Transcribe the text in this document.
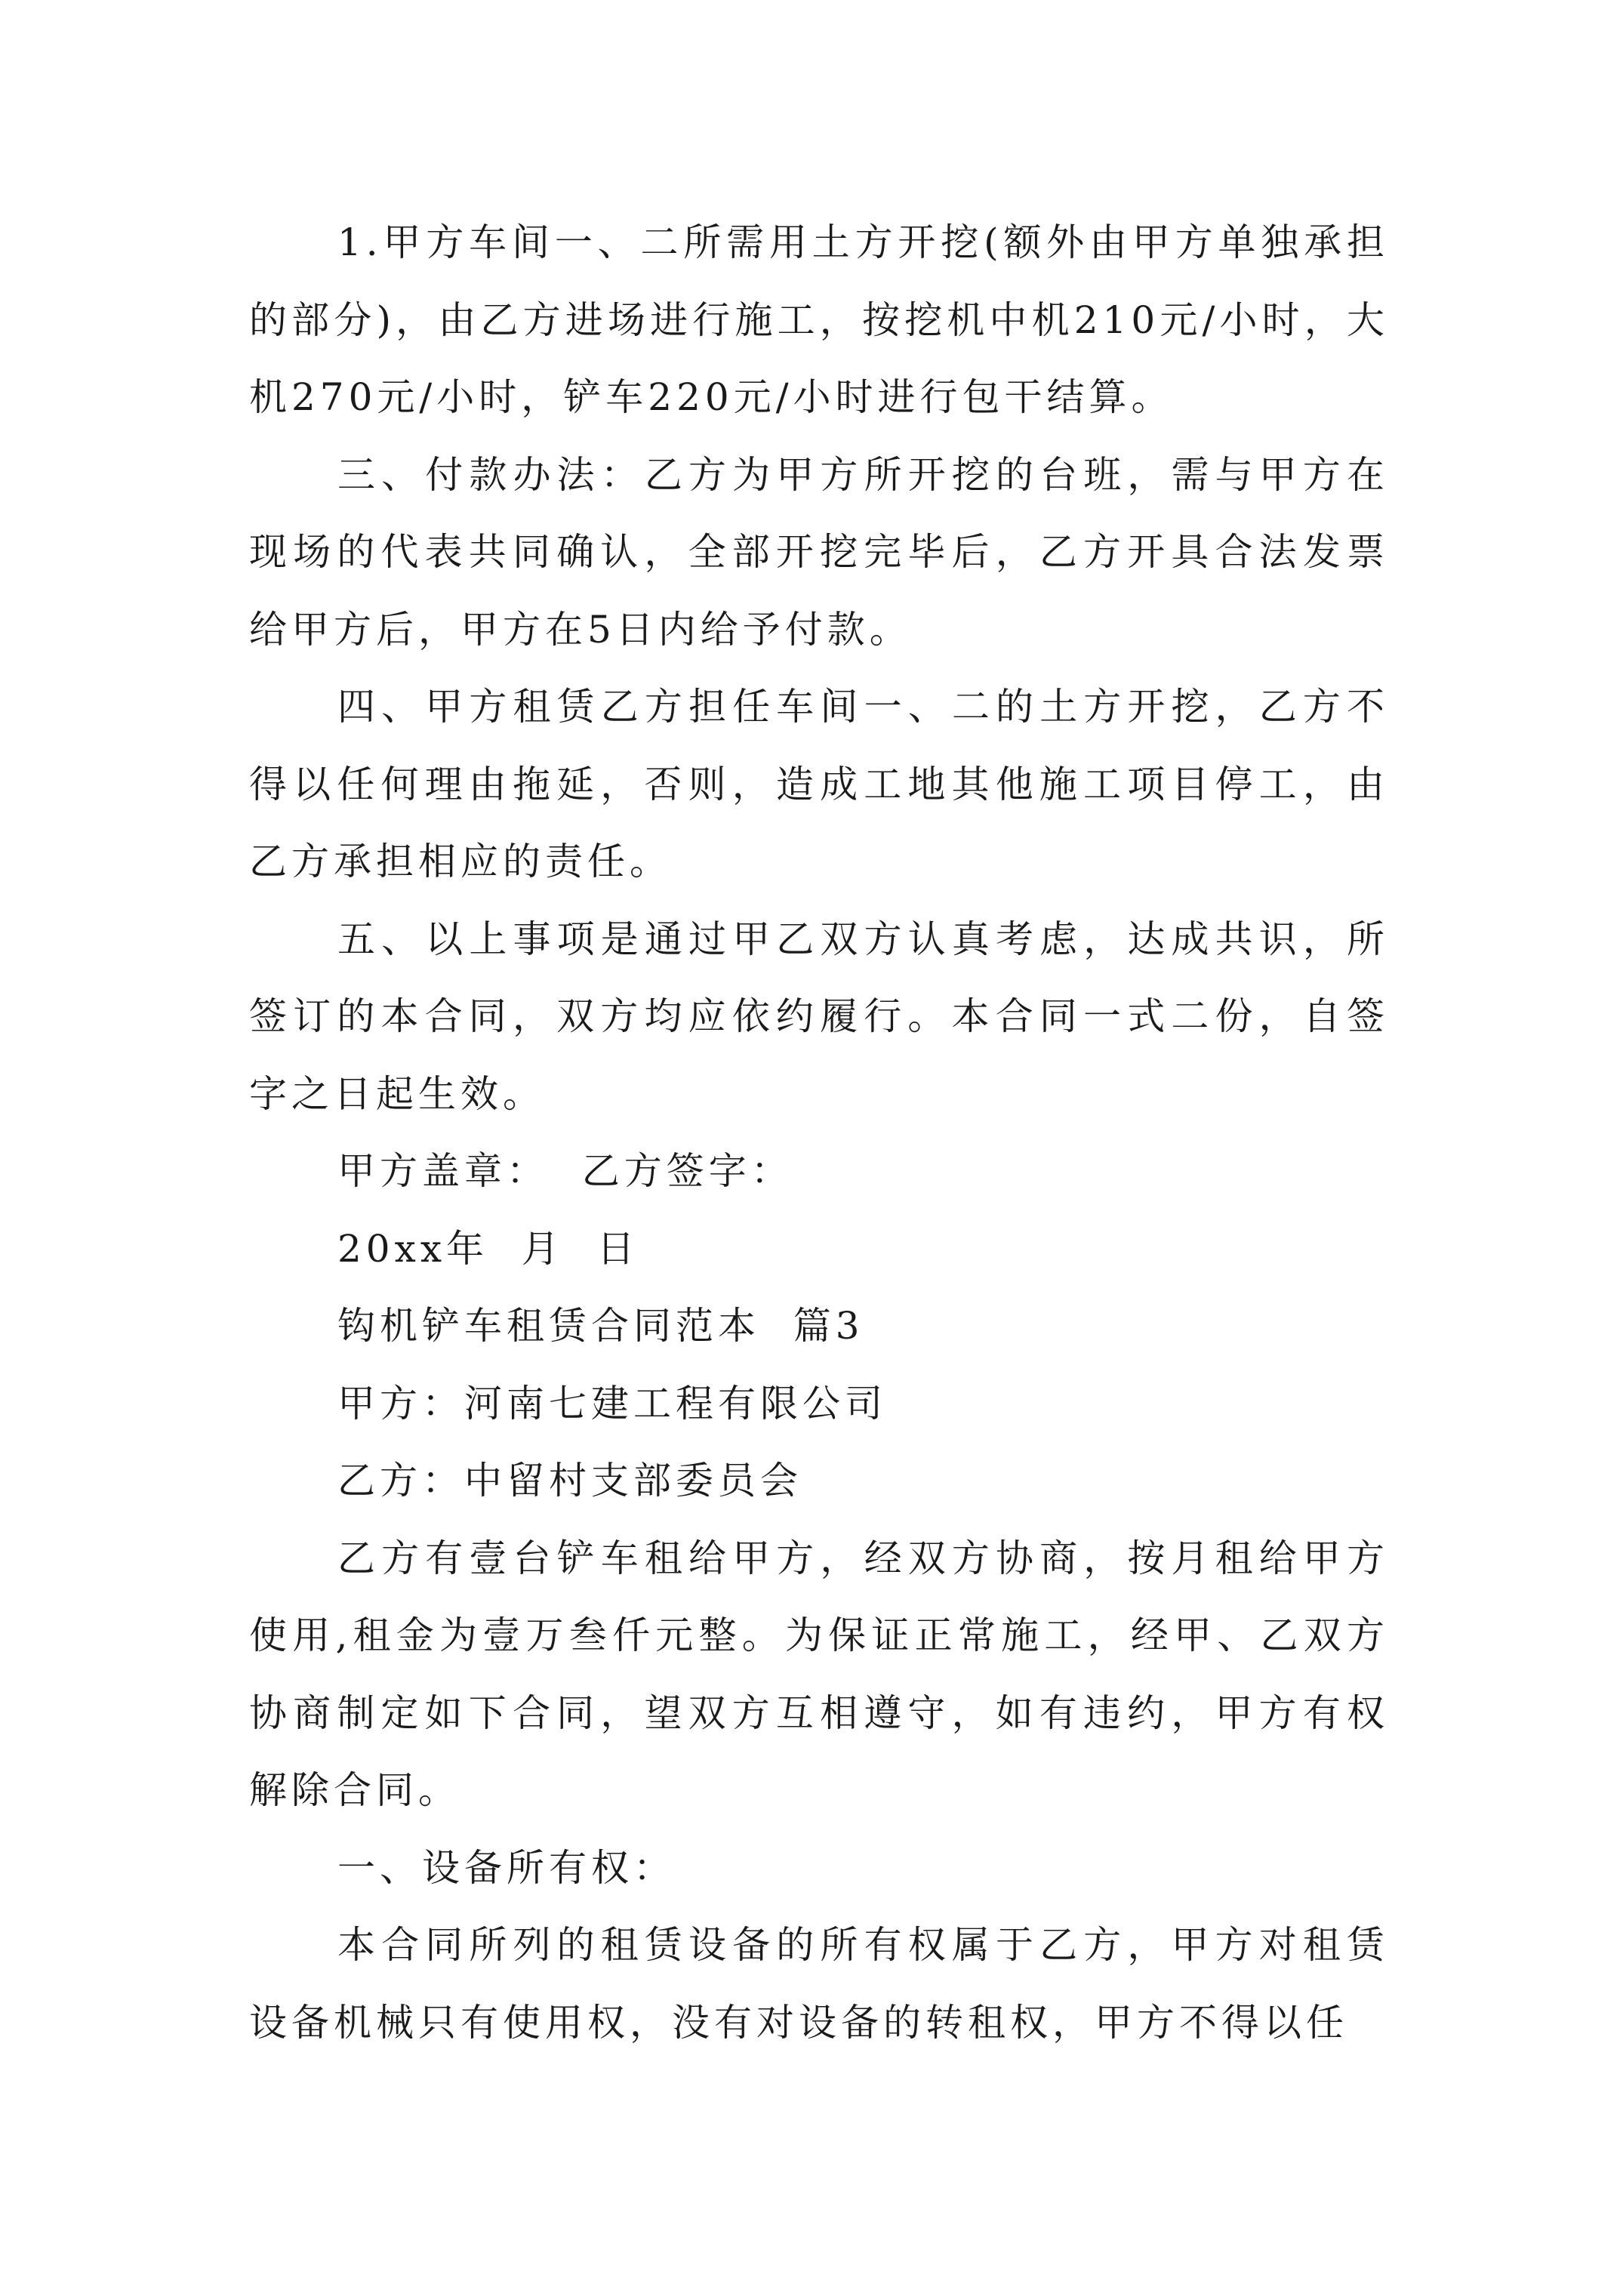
1.甲方车间一、二所需用土方开挖(额外由甲方单独承担的部分)，由乙方进场进行施工，按挖机中机210元/小时，大机270元/小时，铲车220元/小时进行包干结算。

三、付款办法：乙方为甲方所开挖的台班，需与甲方在现场的代表共同确认，全部开挖完毕后，乙方开具合法发票给甲方后，甲方在5日内给予付款。

四、甲方租赁乙方担任车间一、二的土方开挖，乙方不得以任何理由拖延，否则，造成工地其他施工项目停工，由乙方承担相应的责任。

五、以上事项是通过甲乙双方认真考虑，达成共识，所签订的本合同，双方均应依约履行。本合同一式二份，自签字之日起生效。

甲方盖章：  乙方签字：

20xx年  月  日

钩机铲车租赁合同范本  篇3

甲方：河南七建工程有限公司

乙方：中留村支部委员会

乙方有壹台铲车租给甲方，经双方协商，按月租给甲方使用,租金为壹万叁仟元整。为保证正常施工，经甲、乙双方协商制定如下合同，望双方互相遵守，如有违约，甲方有权解除合同。

一、设备所有权：

本合同所列的租赁设备的所有权属于乙方，甲方对租赁设备机械只有使用权，没有对设备的转租权，甲方不得以任
